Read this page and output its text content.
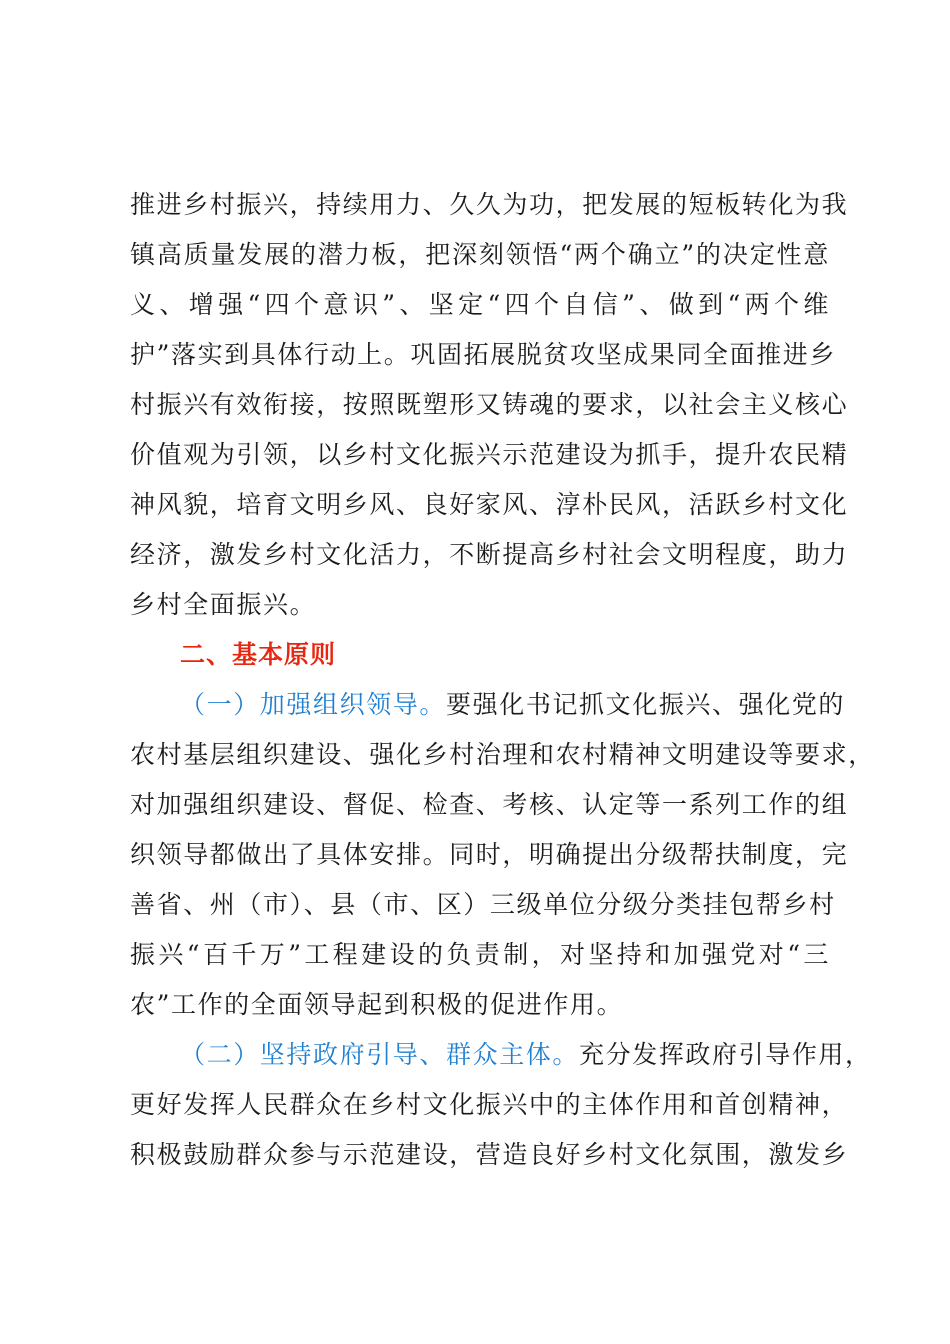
推进乡村振兴，持续用力、久久为功，把发展的短板转化为我
镇高质量发展的潜力板，把深刻领悟“两个确立”的决定性意
义、增强“四个意识”、坚定“四个自信”、做到“两个维
护”落实到具体行动上。巩固拓展脱贫攻坚成果同全面推进乡
村振兴有效衔接，按照既塑形又铸魂的要求，以社会主义核心
价值观为引领，以乡村文化振兴示范建设为抓手，提升农民精
神风貌，培育文明乡风、良好家风、淳朴民风，活跃乡村文化
经济，激发乡村文化活力，不断提高乡村社会文明程度，助力
乡村全面振兴。
二、基本原则
（一）加强组织领导。要强化书记抓文化振兴、强化党的
农村基层组织建设、强化乡村治理和农村精神文明建设等要求，
对加强组织建设、督促、检查、考核、认定等一系列工作的组
织领导都做出了具体安排。同时，明确提出分级帮扶制度，完
善省、州（市）、县（市、区）三级单位分级分类挂包帮乡村
振兴“百千万”工程建设的负责制，对坚持和加强党对“三
农”工作的全面领导起到积极的促进作用。
（二）坚持政府引导、群众主体。充分发挥政府引导作用，
更好发挥人民群众在乡村文化振兴中的主体作用和首创精神，
积极鼓励群众参与示范建设，营造良好乡村文化氛围，激发乡
